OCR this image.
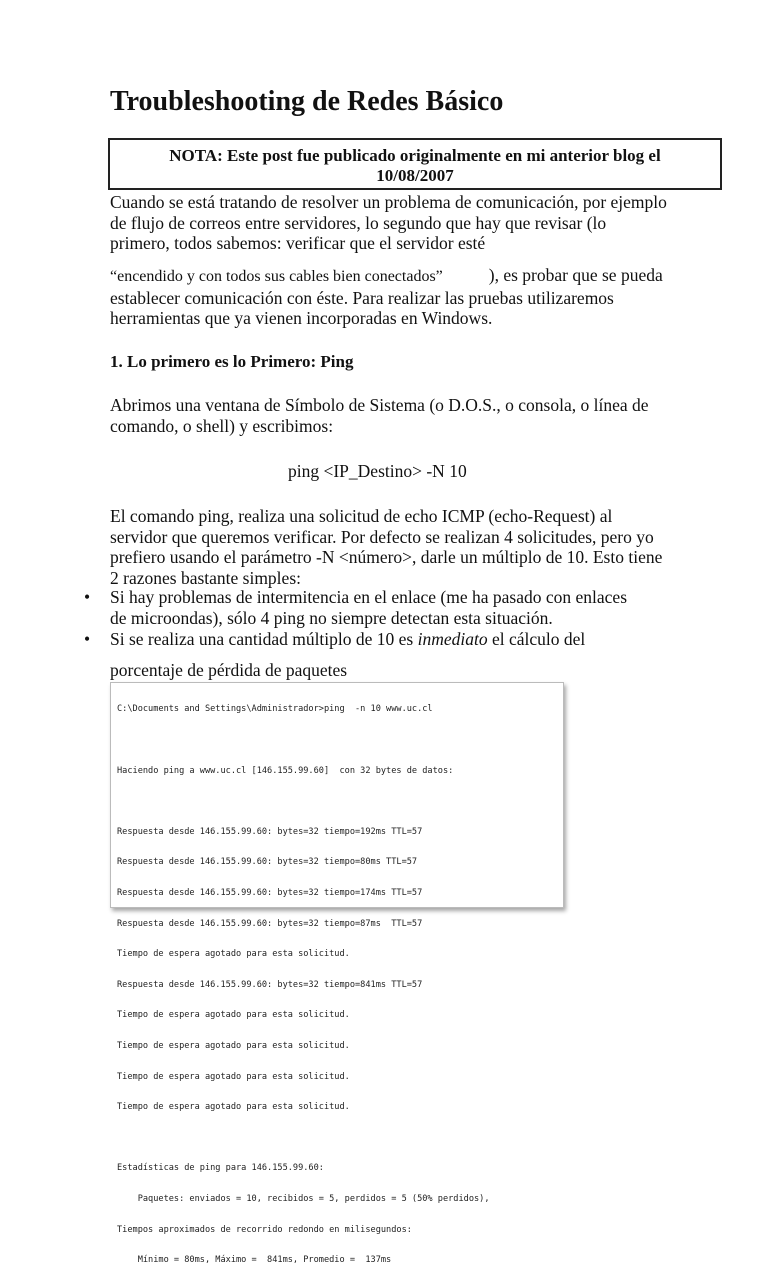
Troubleshooting de Redes Básico
NOTA: Este post fue publicado originalmente en mi anterior blog el
10/08/2007

Cuando se está tratando de resolver un problema de comunicación, por ejemplo de flujo de correos entre servidores, lo segundo que hay que revisar (lo primero, todos sabemos: verificar que el servidor esté

“encendido y con todos sus cables bien conectados”	), es probar que se pueda establecer comunicación con éste. Para realizar las pruebas utilizaremos herramientas que ya vienen incorporadas en Windows.

1. Lo primero es lo Primero: Ping

Abrimos una ventana de Símbolo de Sistema (o D.O.S., o consola, o línea de comando, o shell) y escribimos:

ping <IP_Destino> -N 10

El comando ping, realiza una solicitud de echo ICMP (echo-Request) al servidor que queremos verificar. Por defecto se realizan 4 solicitudes, pero yo prefiero usando el parámetro -N <número>, darle un múltiplo de 10. Esto tiene 2 razones bastante simples:

• Si hay problemas de intermitencia en el enlace (me ha pasado con enlaces de microondas), sólo 4 ping no siempre detectan esta situación.
• Si se realiza una cantidad múltiplo de 10 es inmediato el cálculo del

porcentaje de pérdida de paquetes

C:\Documents and Settings\Administrador>ping  -n 10 www.uc.cl

Haciendo ping a www.uc.cl [146.155.99.60]  con 32 bytes de datos:

Respuesta desde 146.155.99.60: bytes=32 tiempo=192ms TTL=57

Respuesta desde 146.155.99.60: bytes=32 tiempo=80ms TTL=57

Respuesta desde 146.155.99.60: bytes=32 tiempo=174ms TTL=57

Respuesta desde 146.155.99.60: bytes=32 tiempo=87ms  TTL=57

Tiempo de espera agotado para esta solicitud.

Respuesta desde 146.155.99.60: bytes=32 tiempo=841ms TTL=57

Tiempo de espera agotado para esta solicitud.

Tiempo de espera agotado para esta solicitud.

Tiempo de espera agotado para esta solicitud.

Tiempo de espera agotado para esta solicitud.

Estadísticas de ping para 146.155.99.60:

Paquetes: enviados = 10, recibidos = 5, perdidos = 5 (50% perdidos),

Tiempos aproximados de recorrido redondo en milisegundos:

Mínimo = 80ms, Máximo =  841ms, Promedio =  137ms
